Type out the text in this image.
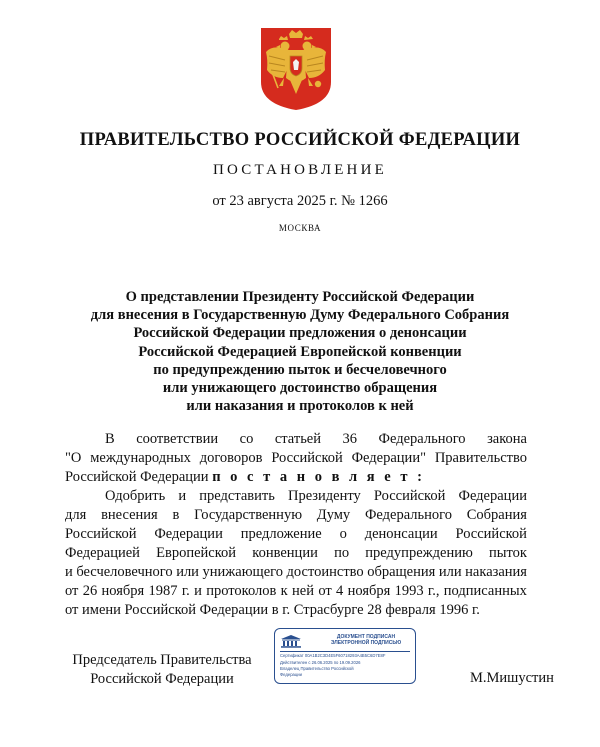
ПРАВИТЕЛЬСТВО РОССИЙСКОЙ ФЕДЕРАЦИИ
ПОСТАНОВЛЕНИЕ
от 23 августа 2025 г. № 1266
МОСКВА
О представлении Президенту Российской Федерации
для внесения в Государственную Думу Федерального Собрания
Российской Федерации предложения о денонсации
Российской Федерацией Европейской конвенции
по предупреждению пыток и бесчеловечного
или унижающего достоинство обращения
или наказания и протоколов к ней
В соответствии со статьей 36 Федерального закона
"О международных договоров Российской Федерации" Правительство
Российской Федерации п о с т а н о в л я е т :
Одобрить и представить Президенту Российской Федерации
для внесения в Государственную Думу Федерального Собрания
Российской Федерации предложение о денонсации Российской
Федерацией Европейской конвенции по предупреждению пыток
и бесчеловечного или унижающего достоинство обращения или наказания
от 26 ноября 1987 г. и протоколов к ней от 4 ноября 1993 г., подписанных
от имени Российской Федерации в г. Страсбурге 28 февраля 1996 г.
Председатель Правительства
Российской Федерации
ДОКУМЕНТ ПОДПИСАН
ЭЛЕКТРОННОЙ ПОДПИСЬЮ
Сертификат 00A1B2C3D4E5F60718293A4B5C6D7E8F
Действителен с 26.06.2025 по 19.09.2026
Владелец Правительство Российской
Федерации	М.Мишустин
